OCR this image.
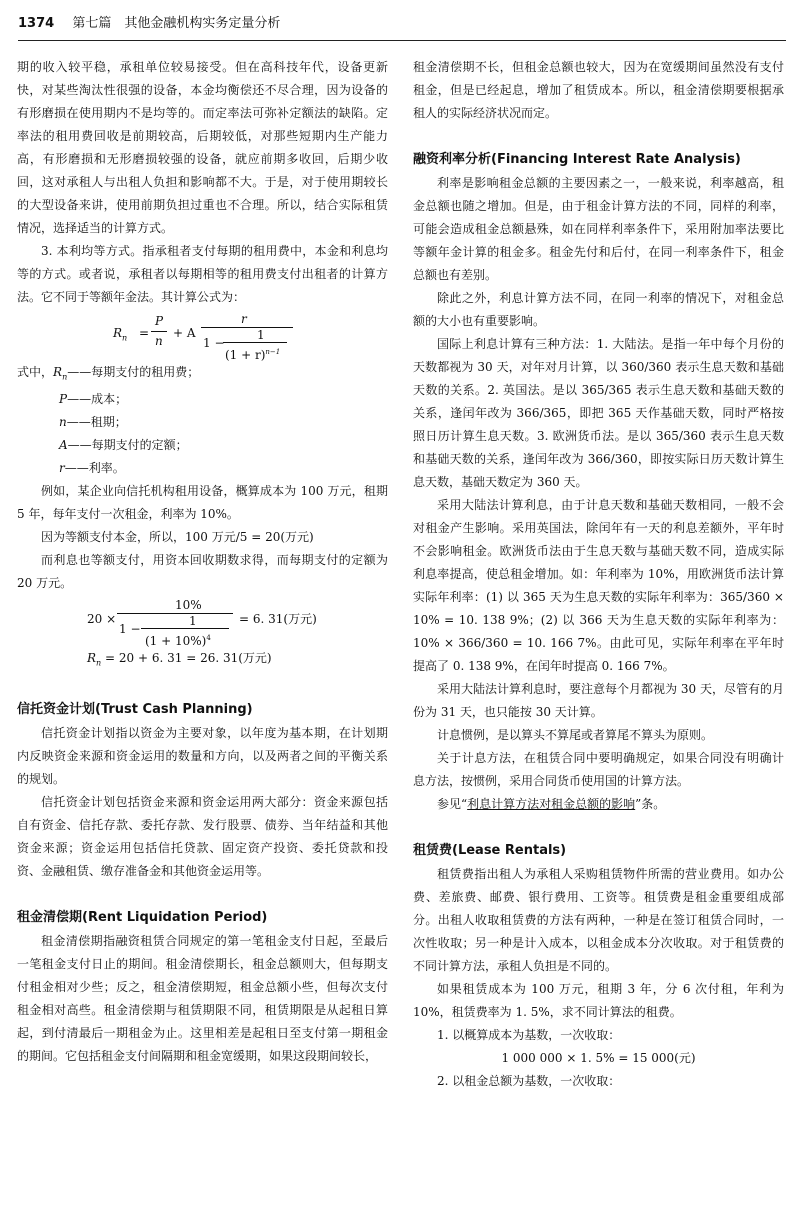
1374 第七篇　其他金融机构实务定量分析

期的收入较平稳，承租单位较易接受。但在高科技年代，设备更新快，对某些淘汰性很强的设备，本金均衡偿还不尽合理，因为设备的有形磨损在使用期内不是均等的。而定率法可弥补定额法的缺陷。定率法的租用费回收是前期较高，后期较低，对那些短期内生产能力高，有形磨损和无形磨损较强的设备，就应前期多收回，后期少收回，这对承租人与出租人负担和影响都不大。于是，对于使用期较长的大型设备来讲，使用前期负担过重也不合理。所以，结合实际租赁情况，选择适当的计算方式。

3. 本利均等方式。指承租者支付每期的租用费中，本金和利息均等的方式。或者说，承租者以每期相等的租用费支付出租者的计算方法。它不同于等额年金法。其计算公式为：

$R_n$ =
P
n
+ A
r
1 −
1
$(1 + r)^{n-1}$

式中，$R_n——$每期支付的租用费；

P——成本；

n——租期；

A——每期支付的定额；

r——利率。

例如，某企业向信托机构租用设备，概算成本为 100 万元，租期 5 年，每年支付一次租金，利率为 10%。

因为等额支付本金，所以，100 万元/5 = 20(万元)

而利息也等额支付，用资本回收期数求得，而每期支付的定额为 20 万元。

20 ×
10%
1 −
1
$(1 + 10\%)^4$
= 6. 31(万元)

$R_n = 20 + 6$. 31 = 26. 31(万元)

信托资金计划(Trust Cash Planning)

信托资金计划指以资金为主要对象，以年度为基本期，在计划期内反映资金来源和资金运用的数量和方向，以及两者之间的平衡关系的规划。

信托资金计划包括资金来源和资金运用两大部分：资金来源包括自有资金、信托存款、委托存款、发行股票、债券、当年结益和其他资金来源；资金运用包括信托贷款、固定资产投资、委托贷款和投资、金融租赁、缴存准备金和其他资金运用等。

租金清偿期(Rent Liquidation Period)

租金清偿期指融资租赁合同规定的第一笔租金支付日起，至最后一笔租金支付日止的期间。租金清偿期长，租金总额则大，但每期支付租金相对少些；反之，租金清偿期短，租金总额小些，但每次支付租金相对高些。租金清偿期与租赁期限不同，租赁期限是从起租日算起，到付清最后一期租金为止。这里相差是起租日至支付第一期租金的期间。它包括租金支付间隔期和租金宽缓期，如果这段期间较长，

租金清偿期不长，但租金总额也较大，因为在宽缓期间虽然没有支付租金，但是已经起息，增加了租赁成本。所以，租金清偿期要根据承租人的实际经济状况而定。

融资利率分析(Financing Interest Rate Analysis)

利率是影响租金总额的主要因素之一，一般来说，利率越高，租金总额也随之增加。但是，由于租金计算方法的不同，同样的利率，可能会造成租金总额悬殊，如在同样利率条件下，采用附加率法要比等额年金计算的租金多。租金先付和后付，在同一利率条件下，租金总额也有差别。

除此之外，利息计算方法不同，在同一利率的情况下，对租金总额的大小也有重要影响。

国际上利息计算有三种方法：1. 大陆法。是指一年中每个月份的天数都视为 30 天，对年对月计算，以 360/360 表示生息天数和基础天数的关系。2. 英国法。是以 365/365 表示生息天数和基础天数的关系，逢闰年改为 366/365，即把 365 天作基础天数，同时严格按照日历计算生息天数。3. 欧洲货币法。是以 365/360 表示生息天数和基础天数的关系，逢闰年改为 366/360，即按实际日历天数计算生息天数，基础天数定为 360 天。

采用大陆法计算利息，由于计息天数和基础天数相同，一般不会对租金产生影响。采用英国法，除闰年有一天的利息差额外，平年时不会影响租金。欧洲货币法由于生息天数与基础天数不同，造成实际利息率提高，使总租金增加。如：年利率为 10%，用欧洲货币法计算实际年利率：(1) 以 365 天为生息天数的实际年利率为：365/360 × 10% = 10. 138 9%；(2) 以 366 天为生息天数的实际年利率为：10% × 366/360 = 10. 166 7%。由此可见，实际年利率在平年时提高了 0. 138 9%，在闰年时提高 0. 166 7%。

采用大陆法计算利息时，要注意每个月都视为 30 天，尽管有的月份为 31 天，也只能按 30 天计算。

计息惯例，是以算头不算尾或者算尾不算头为原则。

关于计息方法，在租赁合同中要明确规定，如果合同没有明确计息方法，按惯例，采用合同货币使用国的计算方法。

参见“利息计算方法对租金总额的影响”条。

租赁费(Lease Rentals)

租赁费指出租人为承租人采购租赁物件所需的营业费用。如办公费、差旅费、邮费、银行费用、工资等。租赁费是租金重要组成部分。出租人收取租赁费的方法有两种，一种是在签订租赁合同时，一次性收取；另一种是计入成本，以租金成本分次收取。对于租赁费的不同计算方法，承租人负担是不同的。

如果租赁成本为 100 万元，租期 3 年，分 6 次付租，年利为 10%，租赁费率为 1. 5%，求不同计算法的租费。

1. 以概算成本为基数，一次收取：

1 000 000 × 1. 5% = 15 000(元)

2. 以租金总额为基数，一次收取：
